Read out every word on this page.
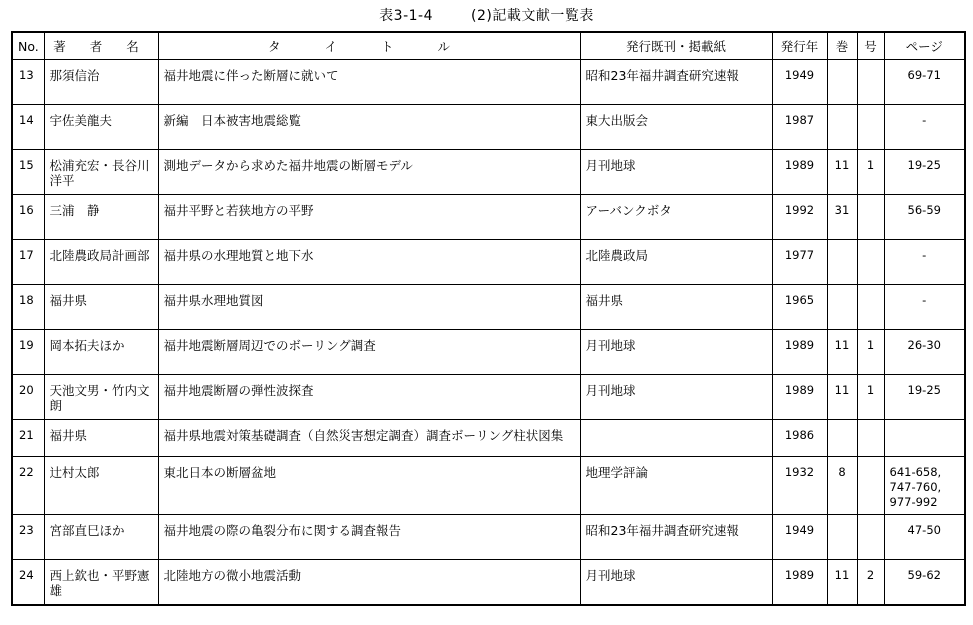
表3-1-4	(2)記載文献一覧表
No.	著 者 名	タ イ ト ル	発行既刊・掲載紙	発行年	巻	号	ページ
13	那須信治	福井地震に伴った断層に就いて	昭和23年福井調査研究速報	1949			69-71
14	宇佐美龍夫	新編　日本被害地震総覧	東大出版会	1987			-
15	松浦充宏・長谷川洋平	測地データから求めた福井地震の断層モデル	月刊地球	1989	11	1	19-25
16	三浦　静	福井平野と若狭地方の平野	アーバンクボタ	1992	31		56-59
17	北陸農政局計画部	福井県の水理地質と地下水	北陸農政局	1977			-
18	福井県	福井県水理地質図	福井県	1965			-
19	岡本拓夫ほか	福井地震断層周辺でのボーリング調査	月刊地球	1989	11	1	26-30
20	天池文男・竹内文朗	福井地震断層の弾性波探査	月刊地球	1989	11	1	19-25
21	福井県	福井県地震対策基礎調査（自然災害想定調査）調査ボーリング柱状図集		1986			
22	辻村太郎	東北日本の断層盆地	地理学評論	1932	8		641-658,
747-760,
977-992
23	宮部直巳ほか	福井地震の際の亀裂分布に関する調査報告	昭和23年福井調査研究速報	1949			47-50
24	西上欽也・平野憲雄	北陸地方の微小地震活動	月刊地球	1989	11	2	59-62
